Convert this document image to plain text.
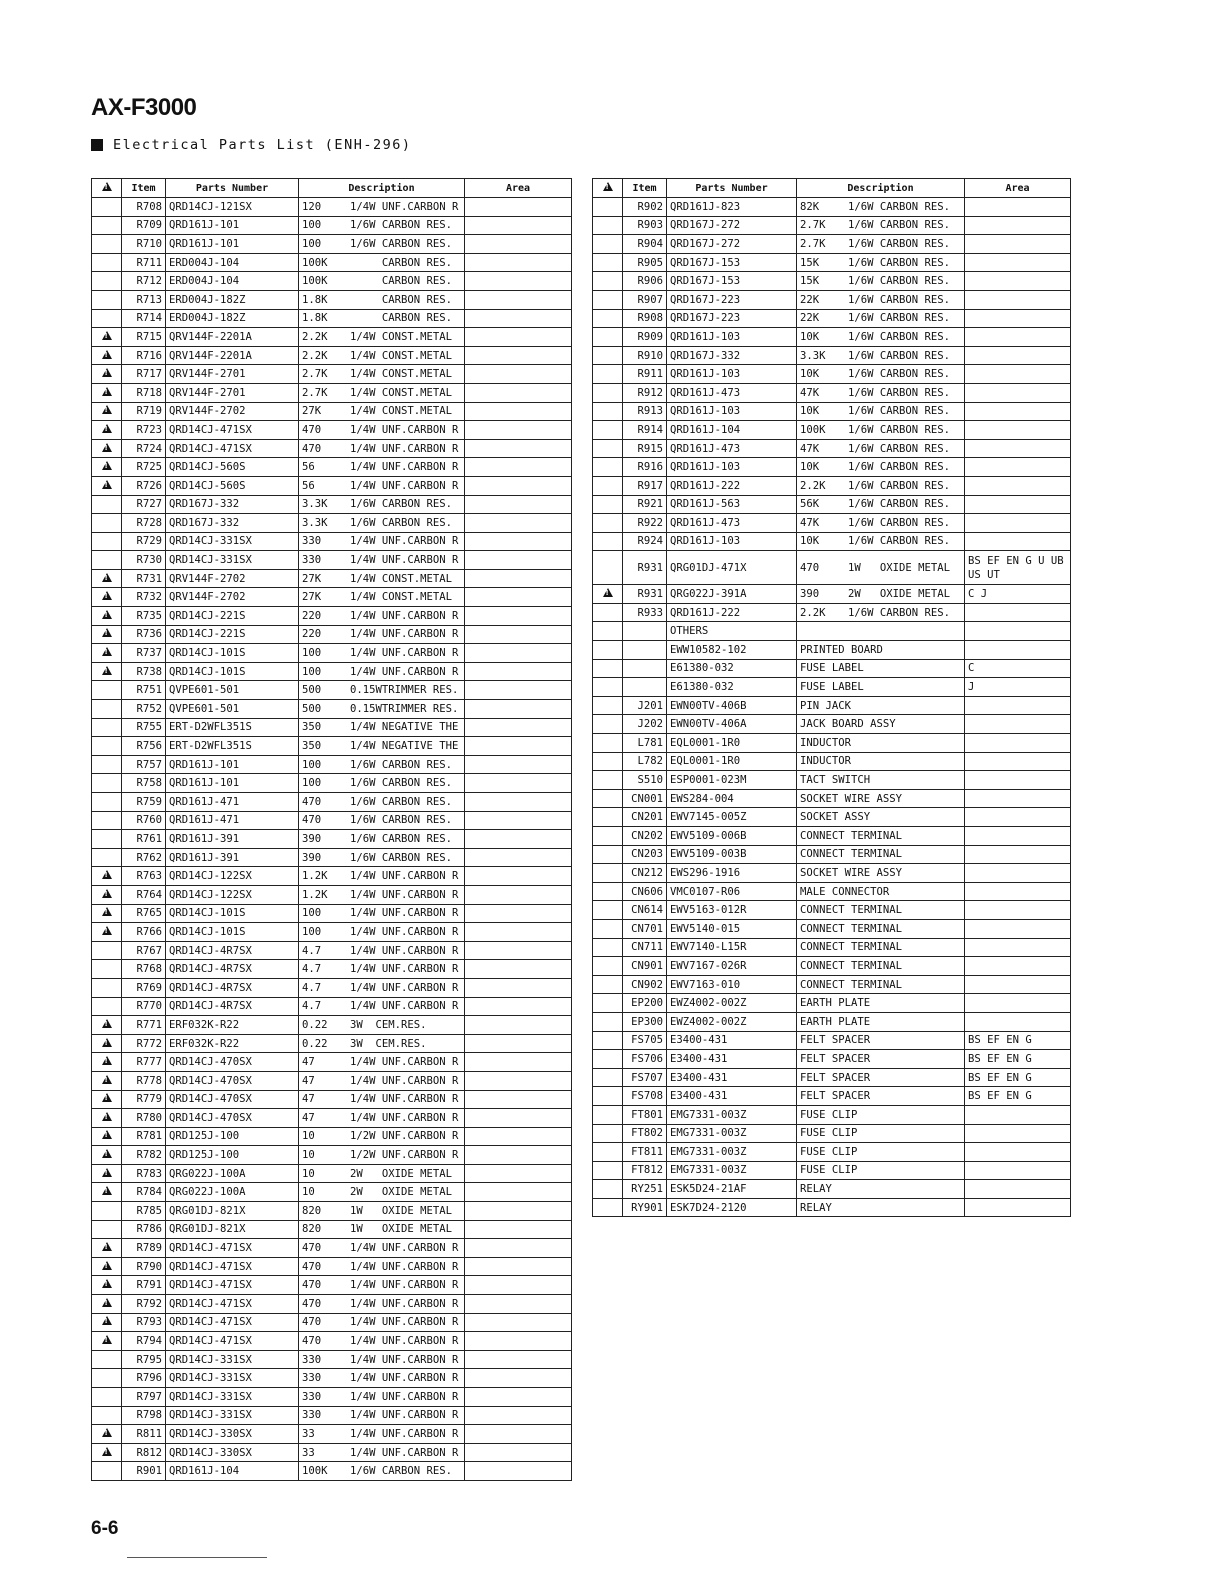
AX-F3000
Electrical Parts List (ENH-296)
!	Item	Parts Number	Description	Area
	R708	QRD14CJ-121SX	120 1/4W UNF.CARBON R	
	R709	QRD161J-101	100 1/6W CARBON RES.	
	R710	QRD161J-101	100 1/6W CARBON RES.	
	R711	ERD004J-104	100K     CARBON RES.	
	R712	ERD004J-104	100K     CARBON RES.	
	R713	ERD004J-182Z	1.8K     CARBON RES.	
	R714	ERD004J-182Z	1.8K     CARBON RES.	
!	R715	QRV144F-2201A	2.2K 1/4W CONST.METAL	
!	R716	QRV144F-2201A	2.2K 1/4W CONST.METAL	
!	R717	QRV144F-2701	2.7K 1/4W CONST.METAL	
!	R718	QRV144F-2701	2.7K 1/4W CONST.METAL	
!	R719	QRV144F-2702	27K 1/4W CONST.METAL	
!	R723	QRD14CJ-471SX	470 1/4W UNF.CARBON R	
!	R724	QRD14CJ-471SX	470 1/4W UNF.CARBON R	
!	R725	QRD14CJ-560S	56 1/4W UNF.CARBON R	
!	R726	QRD14CJ-560S	56 1/4W UNF.CARBON R	
	R727	QRD167J-332	3.3K 1/6W CARBON RES.	
	R728	QRD167J-332	3.3K 1/6W CARBON RES.	
	R729	QRD14CJ-331SX	330 1/4W UNF.CARBON R	
	R730	QRD14CJ-331SX	330 1/4W UNF.CARBON R	
!	R731	QRV144F-2702	27K 1/4W CONST.METAL	
!	R732	QRV144F-2702	27K 1/4W CONST.METAL	
!	R735	QRD14CJ-221S	220 1/4W UNF.CARBON R	
!	R736	QRD14CJ-221S	220 1/4W UNF.CARBON R	
!	R737	QRD14CJ-101S	100 1/4W UNF.CARBON R	
!	R738	QRD14CJ-101S	100 1/4W UNF.CARBON R	
	R751	QVPE601-501	500 0.15WTRIMMER RES.	
	R752	QVPE601-501	500 0.15WTRIMMER RES.	
	R755	ERT-D2WFL351S	350 1/4W NEGATIVE THE	
	R756	ERT-D2WFL351S	350 1/4W NEGATIVE THE	
	R757	QRD161J-101	100 1/6W CARBON RES.	
	R758	QRD161J-101	100 1/6W CARBON RES.	
	R759	QRD161J-471	470 1/6W CARBON RES.	
	R760	QRD161J-471	470 1/6W CARBON RES.	
	R761	QRD161J-391	390 1/6W CARBON RES.	
	R762	QRD161J-391	390 1/6W CARBON RES.	
!	R763	QRD14CJ-122SX	1.2K 1/4W UNF.CARBON R	
!	R764	QRD14CJ-122SX	1.2K 1/4W UNF.CARBON R	
!	R765	QRD14CJ-101S	100 1/4W UNF.CARBON R	
!	R766	QRD14CJ-101S	100 1/4W UNF.CARBON R	
	R767	QRD14CJ-4R7SX	4.7 1/4W UNF.CARBON R	
	R768	QRD14CJ-4R7SX	4.7 1/4W UNF.CARBON R	
	R769	QRD14CJ-4R7SX	4.7 1/4W UNF.CARBON R	
	R770	QRD14CJ-4R7SX	4.7 1/4W UNF.CARBON R	
!	R771	ERF032K-R22	0.22 3W  CEM.RES.	
!	R772	ERF032K-R22	0.22 3W  CEM.RES.	
!	R777	QRD14CJ-470SX	47 1/4W UNF.CARBON R	
!	R778	QRD14CJ-470SX	47 1/4W UNF.CARBON R	
!	R779	QRD14CJ-470SX	47 1/4W UNF.CARBON R	
!	R780	QRD14CJ-470SX	47 1/4W UNF.CARBON R	
!	R781	QRD125J-100	10 1/2W UNF.CARBON R	
!	R782	QRD125J-100	10 1/2W UNF.CARBON R	
!	R783	QRG022J-100A	10 2W   OXIDE METAL	
!	R784	QRG022J-100A	10 2W   OXIDE METAL	
	R785	QRG01DJ-821X	820 1W   OXIDE METAL	
	R786	QRG01DJ-821X	820 1W   OXIDE METAL	
!	R789	QRD14CJ-471SX	470 1/4W UNF.CARBON R	
!	R790	QRD14CJ-471SX	470 1/4W UNF.CARBON R	
!	R791	QRD14CJ-471SX	470 1/4W UNF.CARBON R	
!	R792	QRD14CJ-471SX	470 1/4W UNF.CARBON R	
!	R793	QRD14CJ-471SX	470 1/4W UNF.CARBON R	
!	R794	QRD14CJ-471SX	470 1/4W UNF.CARBON R	
	R795	QRD14CJ-331SX	330 1/4W UNF.CARBON R	
	R796	QRD14CJ-331SX	330 1/4W UNF.CARBON R	
	R797	QRD14CJ-331SX	330 1/4W UNF.CARBON R	
	R798	QRD14CJ-331SX	330 1/4W UNF.CARBON R	
!	R811	QRD14CJ-330SX	33 1/4W UNF.CARBON R	
!	R812	QRD14CJ-330SX	33 1/4W UNF.CARBON R	
	R901	QRD161J-104	100K 1/6W CARBON RES.	
!	Item	Parts Number	Description	Area
	R902	QRD161J-823	82K 1/6W CARBON RES.	
	R903	QRD167J-272	2.7K 1/6W CARBON RES.	
	R904	QRD167J-272	2.7K 1/6W CARBON RES.	
	R905	QRD167J-153	15K 1/6W CARBON RES.	
	R906	QRD167J-153	15K 1/6W CARBON RES.	
	R907	QRD167J-223	22K 1/6W CARBON RES.	
	R908	QRD167J-223	22K 1/6W CARBON RES.	
	R909	QRD161J-103	10K 1/6W CARBON RES.	
	R910	QRD167J-332	3.3K 1/6W CARBON RES.	
	R911	QRD161J-103	10K 1/6W CARBON RES.	
	R912	QRD161J-473	47K 1/6W CARBON RES.	
	R913	QRD161J-103	10K 1/6W CARBON RES.	
	R914	QRD161J-104	100K 1/6W CARBON RES.	
	R915	QRD161J-473	47K 1/6W CARBON RES.	
	R916	QRD161J-103	10K 1/6W CARBON RES.	
	R917	QRD161J-222	2.2K 1/6W CARBON RES.	
	R921	QRD161J-563	56K 1/6W CARBON RES.	
	R922	QRD161J-473	47K 1/6W CARBON RES.	
	R924	QRD161J-103	10K 1/6W CARBON RES.	
	R931	QRG01DJ-471X	470 1W   OXIDE METAL	BS EF EN G U UB US UT
!	R931	QRG022J-391A	390 2W   OXIDE METAL	C J
	R933	QRD161J-222	2.2K 1/6W CARBON RES.	
		OTHERS		
		EWW10582-102	PRINTED BOARD	
		E61380-032	FUSE LABEL	C
		E61380-032	FUSE LABEL	J
	J201	EWN00TV-406B	PIN JACK	
	J202	EWN00TV-406A	JACK BOARD ASSY	
	L781	EQL0001-1R0	INDUCTOR	
	L782	EQL0001-1R0	INDUCTOR	
	S510	ESP0001-023M	TACT SWITCH	
	CN001	EWS284-004	SOCKET WIRE ASSY	
	CN201	EWV7145-005Z	SOCKET ASSY	
	CN202	EWV5109-006B	CONNECT TERMINAL	
	CN203	EWV5109-003B	CONNECT TERMINAL	
	CN212	EWS296-1916	SOCKET WIRE ASSY	
	CN606	VMC0107-R06	MALE CONNECTOR	
	CN614	EWV5163-012R	CONNECT TERMINAL	
	CN701	EWV5140-015	CONNECT TERMINAL	
	CN711	EWV7140-L15R	CONNECT TERMINAL	
	CN901	EWV7167-026R	CONNECT TERMINAL	
	CN902	EWV7163-010	CONNECT TERMINAL	
	EP200	EWZ4002-002Z	EARTH PLATE	
	EP300	EWZ4002-002Z	EARTH PLATE	
	FS705	E3400-431	FELT SPACER	BS EF EN G
	FS706	E3400-431	FELT SPACER	BS EF EN G
	FS707	E3400-431	FELT SPACER	BS EF EN G
	FS708	E3400-431	FELT SPACER	BS EF EN G
	FT801	EMG7331-003Z	FUSE CLIP	
	FT802	EMG7331-003Z	FUSE CLIP	
	FT811	EMG7331-003Z	FUSE CLIP	
	FT812	EMG7331-003Z	FUSE CLIP	
	RY251	ESK5D24-21AF	RELAY	
	RY901	ESK7D24-2120	RELAY	
6-6
